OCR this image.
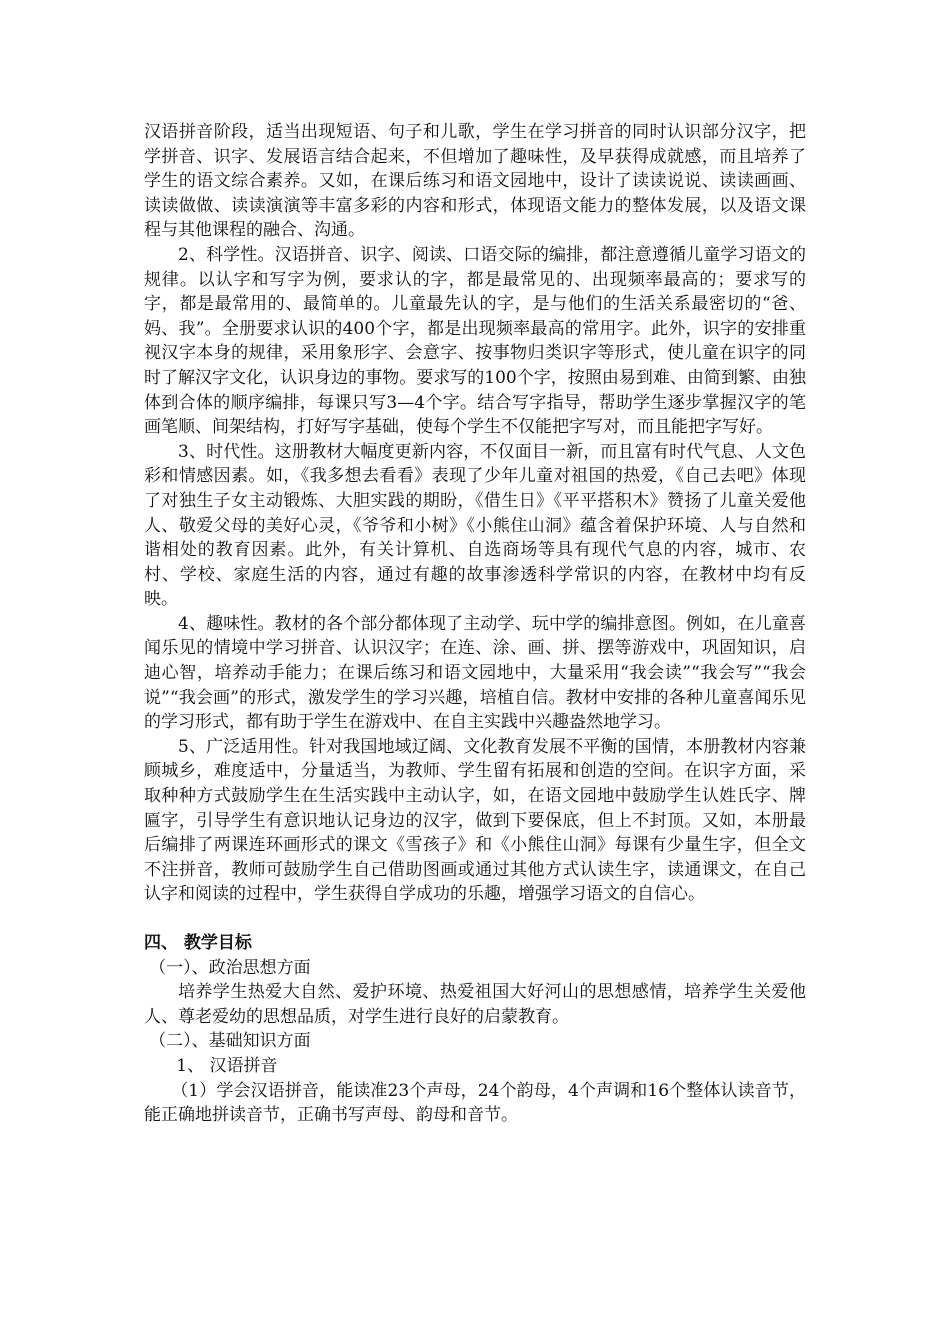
汉语拼音阶段，适当出现短语、句子和儿歌，学生在学习拼音的同时认识部分汉字，把学拼音、识字、发展语言结合起来，不但增加了趣味性，及早获得成就感，而且培养了学生的语文综合素养。又如，在课后练习和语文园地中，设计了读读说说、读读画画、读读做做、读读演演等丰富多彩的内容和形式，体现语文能力的整体发展，以及语文课程与其他课程的融合、沟通。

2、科学性。汉语拼音、识字、阅读、口语交际的编排，都注意遵循儿童学习语文的规律。以认字和写字为例，要求认的字，都是最常见的、出现频率最高的；要求写的字，都是最常用的、最简单的。儿童最先认的字，是与他们的生活关系最密切的“爸、妈、我”。全册要求认识的400个字，都是出现频率最高的常用字。此外，识字的安排重视汉字本身的规律，采用象形字、会意字、按事物归类识字等形式，使儿童在识字的同时了解汉字文化，认识身边的事物。要求写的100个字，按照由易到难、由简到繁、由独体到合体的顺序编排，每课只写3—4个字。结合写字指导，帮助学生逐步掌握汉字的笔画笔顺、间架结构，打好写字基础，使每个学生不仅能把字写对，而且能把字写好。

3、时代性。这册教材大幅度更新内容，不仅面目一新，而且富有时代气息、人文色彩和情感因素。如，《我多想去看看》表现了少年儿童对祖国的热爱，《自己去吧》体现了对独生子女主动锻炼、大胆实践的期盼，《借生日》《平平搭积木》赞扬了儿童关爱他人、敬爱父母的美好心灵，《爷爷和小树》《小熊住山洞》蕴含着保护环境、人与自然和谐相处的教育因素。此外，有关计算机、自选商场等具有现代气息的内容，城市、农村、学校、家庭生活的内容，通过有趣的故事渗透科学常识的内容，在教材中均有反映。

4、趣味性。教材的各个部分都体现了主动学、玩中学的编排意图。例如，在儿童喜闻乐见的情境中学习拼音、认识汉字；在连、涂、画、拼、摆等游戏中，巩固知识，启迪心智，培养动手能力；在课后练习和语文园地中，大量采用“我会读”“我会写”“我会说”“我会画”的形式，激发学生的学习兴趣，培植自信。教材中安排的各种儿童喜闻乐见的学习形式，都有助于学生在游戏中、在自主实践中兴趣盎然地学习。

5、广泛适用性。针对我国地域辽阔、文化教育发展不平衡的国情，本册教材内容兼顾城乡，难度适中，分量适当，为教师、学生留有拓展和创造的空间。在识字方面，采取种种方式鼓励学生在生活实践中主动认字，如，在语文园地中鼓励学生认姓氏字、牌匾字，引导学生有意识地认记身边的汉字，做到下要保底，但上不封顶。又如，本册最后编排了两课连环画形式的课文《雪孩子》和《小熊住山洞》每课有少量生字，但全文不注拼音，教师可鼓励学生自己借助图画或通过其他方式认读生字，读通课文，在自己认字和阅读的过程中，学生获得自学成功的乐趣，增强学习语文的自信心。

四、 教学目标

（一）、政治思想方面

培养学生热爱大自然、爱护环境、热爱祖国大好河山的思想感情，培养学生关爱他人、尊老爱幼的思想品质，对学生进行良好的启蒙教育。

（二）、基础知识方面

1、 汉语拼音

（1）学会汉语拼音，能读准23个声母，24个韵母，4个声调和16个整体认读音节，能正确地拼读音节，正确书写声母、韵母和音节。
